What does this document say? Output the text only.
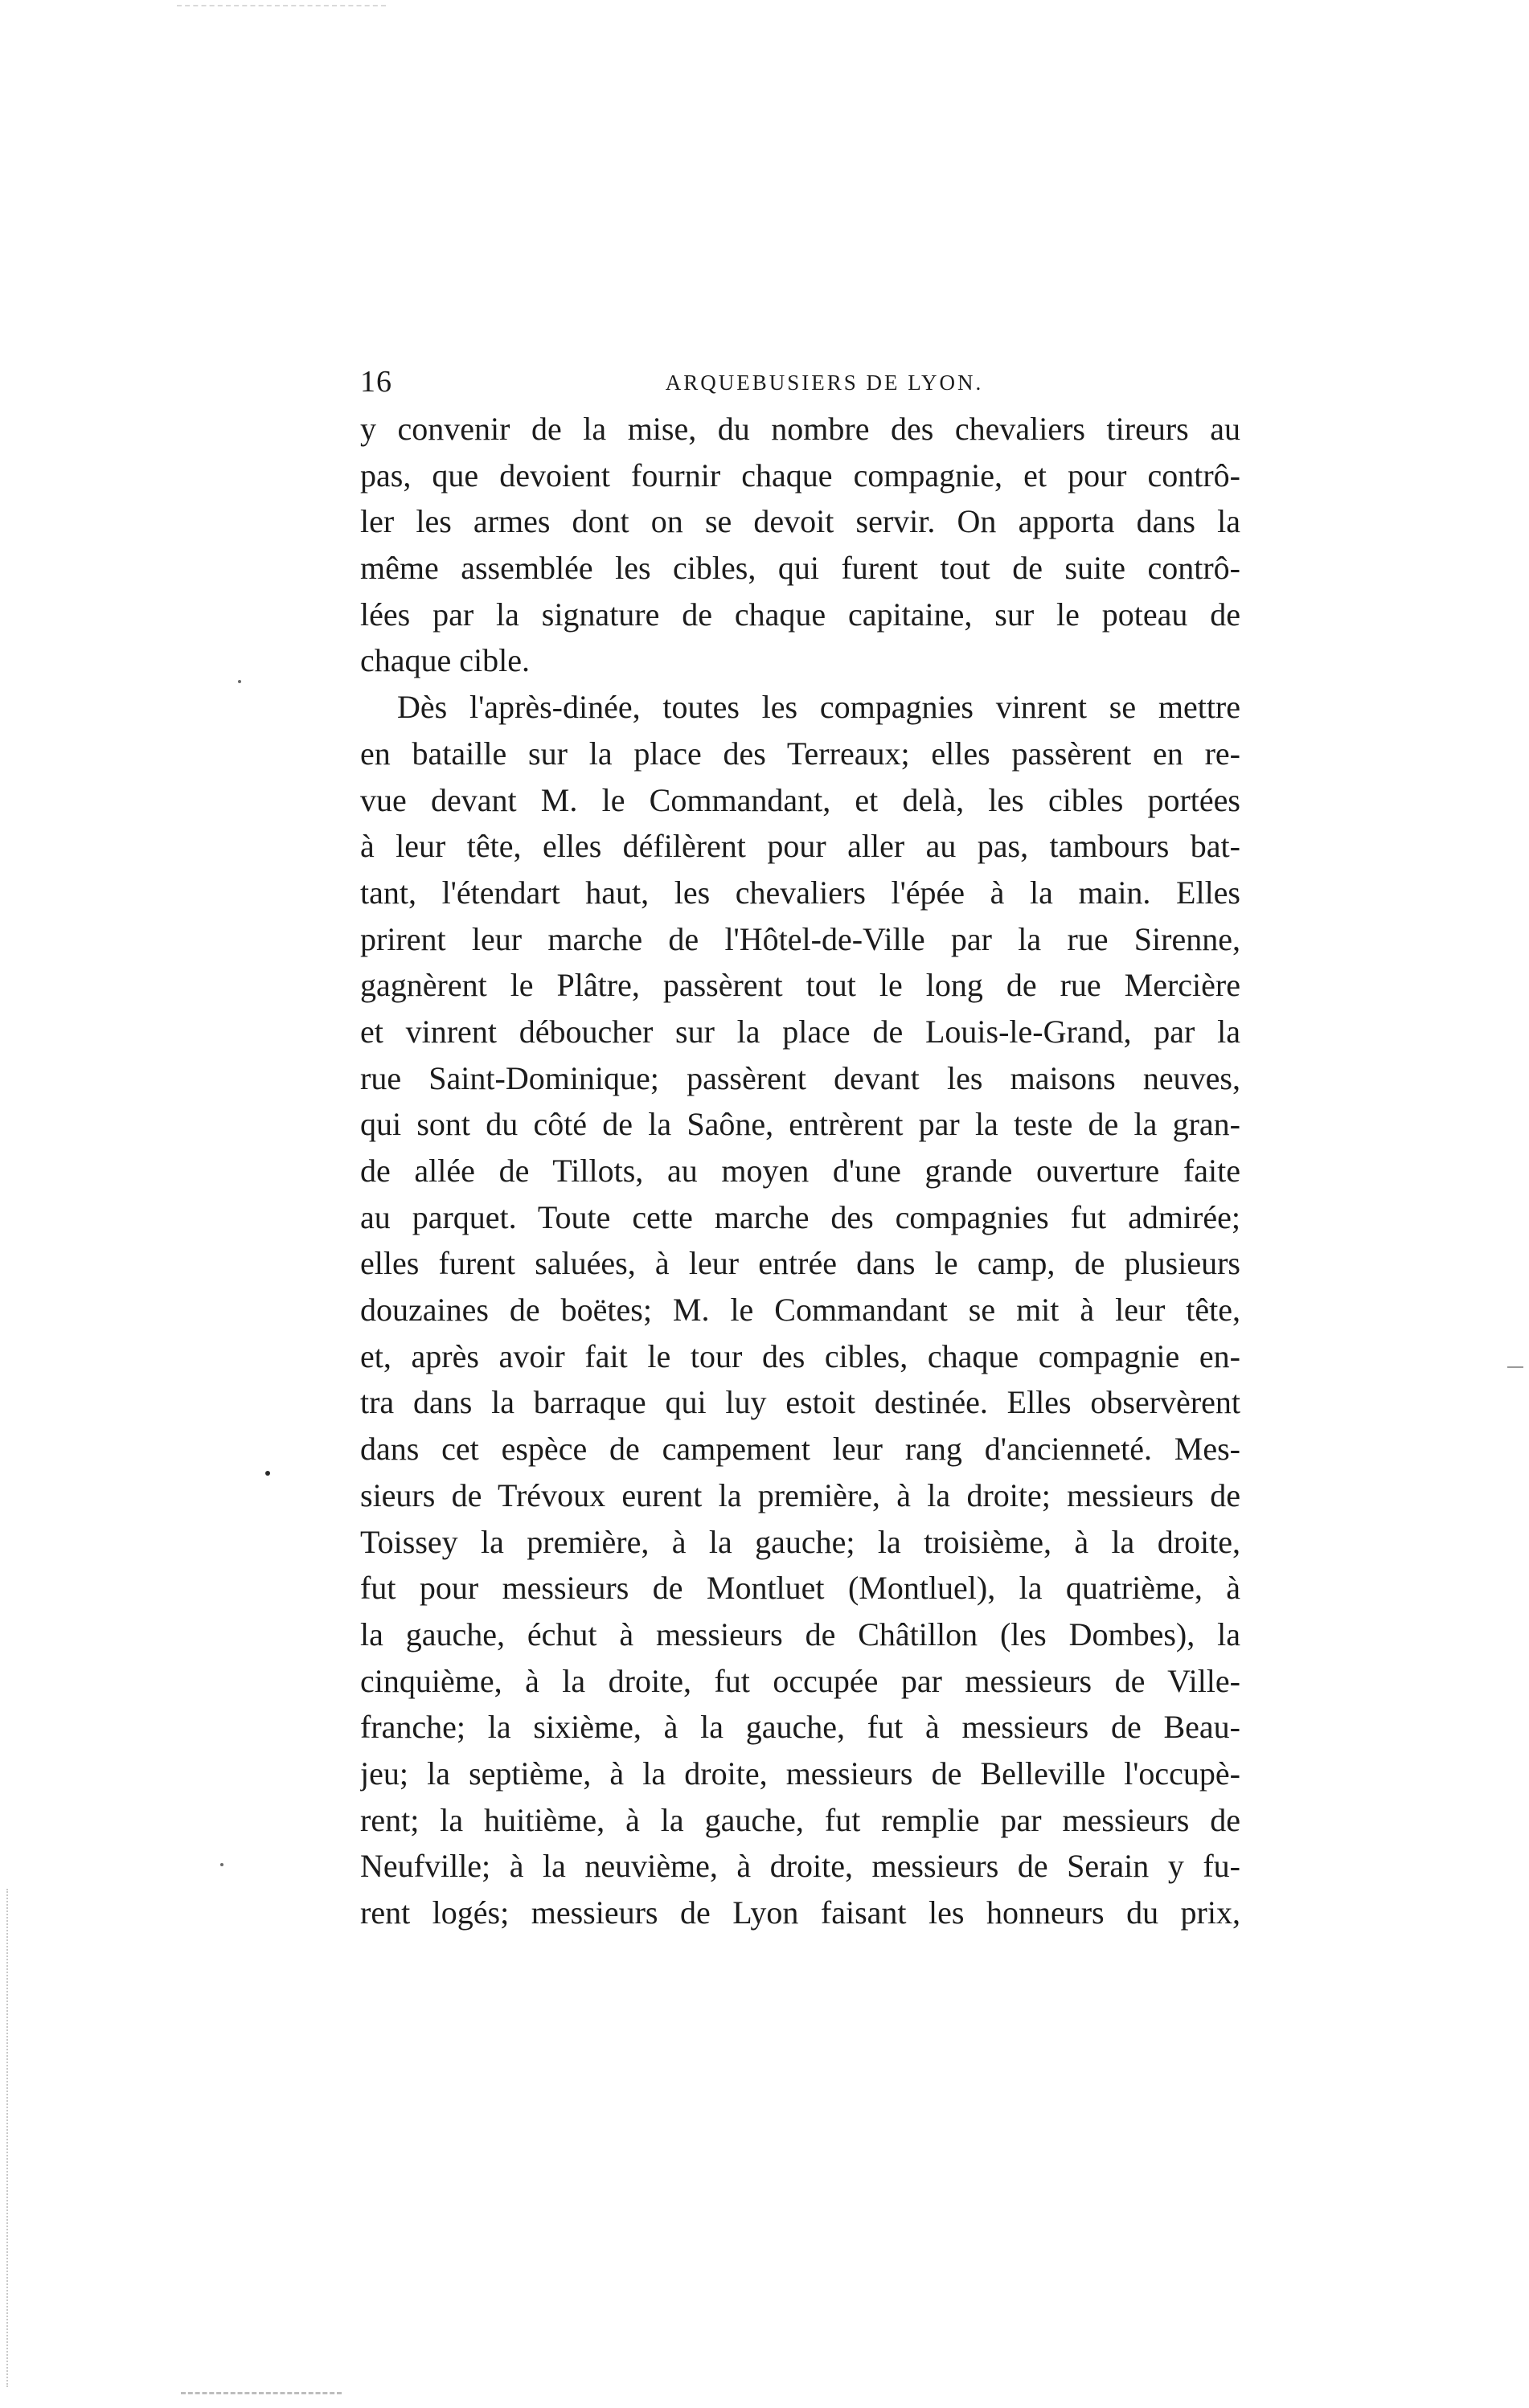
16	ARQUEBUSIERS DE LYON.
y convenir de la mise, du nombre des chevaliers tireurs au
pas, que devoient fournir chaque compagnie, et pour contrô-
ler les armes dont on se devoit servir. On apporta dans la
même assemblée les cibles, qui furent tout de suite contrô-
lées par la signature de chaque capitaine, sur le poteau de
chaque cible.
Dès l'après-dinée, toutes les compagnies vinrent se mettre
en bataille sur la place des Terreaux; elles passèrent en re-
vue devant M. le Commandant, et delà, les cibles portées
à leur tête, elles défilèrent pour aller au pas, tambours bat-
tant, l'étendart haut, les chevaliers l'épée à la main. Elles
prirent leur marche de l'Hôtel-de-Ville par la rue Sirenne,
gagnèrent le Plâtre, passèrent tout le long de rue Mercière
et vinrent déboucher sur la place de Louis-le-Grand, par la
rue Saint-Dominique; passèrent devant les maisons neuves,
qui sont du côté de la Saône, entrèrent par la teste de la gran-
de allée de Tillots, au moyen d'une grande ouverture faite
au parquet. Toute cette marche des compagnies fut admirée;
elles furent saluées, à leur entrée dans le camp, de plusieurs
douzaines de boëtes; M. le Commandant se mit à leur tête,
et, après avoir fait le tour des cibles, chaque compagnie en-
tra dans la barraque qui luy estoit destinée. Elles observèrent
dans cet espèce de campement leur rang d'ancienneté. Mes-
sieurs de Trévoux eurent la première, à la droite; messieurs de
Toissey la première, à la gauche; la troisième, à la droite,
fut pour messieurs de Montluet (Montluel), la quatrième, à
la gauche, échut à messieurs de Châtillon (les Dombes), la
cinquième, à la droite, fut occupée par messieurs de Ville-
franche; la sixième, à la gauche, fut à messieurs de Beau-
jeu; la septième, à la droite, messieurs de Belleville l'occupè-
rent; la huitième, à la gauche, fut remplie par messieurs de
Neufville; à la neuvième, à droite, messieurs de Serain y fu-
rent logés; messieurs de Lyon faisant les honneurs du prix,
